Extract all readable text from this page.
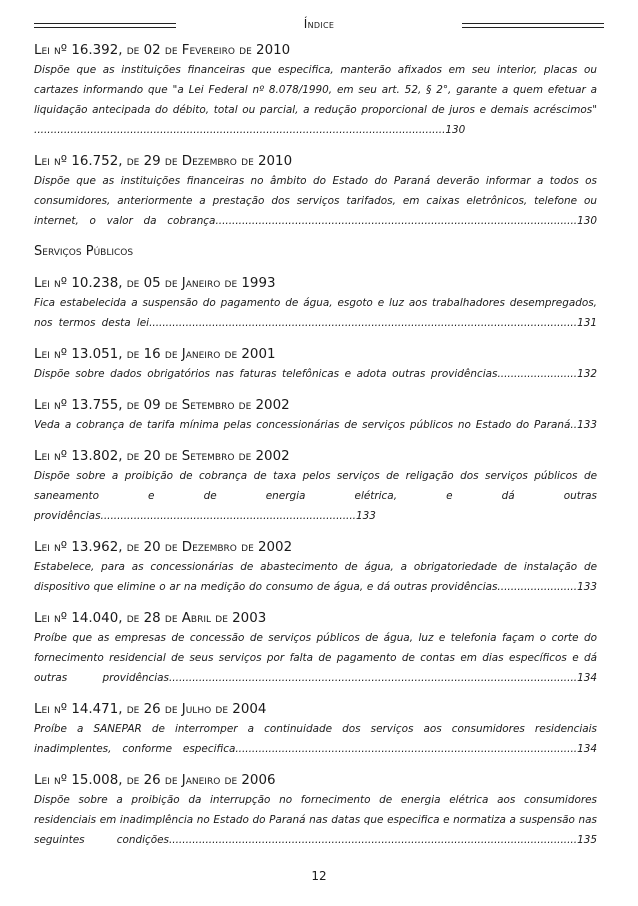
Índice
Lei nº 16.392, de 02 de Fevereiro de 2010
Dispõe que as instituições financeiras que especifica, manterão afixados em seu interior, placas ou cartazes informando que "a Lei Federal nº 8.078/1990, em seu art. 52, § 2°, garante a quem efetuar a liquidação antecipada do débito, total ou parcial, a redução proporcional de juros e demais acréscimos" ............................................................................................................................130
Lei nº 16.752, de 29 de Dezembro de 2010
Dispõe que as instituições financeiras no âmbito do Estado do Paraná deverão informar a todos os consumidores, anteriormente a prestação dos serviços tarifados, em caixas eletrônicos, telefone ou internet, o valor da cobrança.............................................................................................................130
Serviços Públicos
Lei nº 10.238, de 05 de Janeiro de 1993
Fica estabelecida a suspensão do pagamento de água, esgoto e luz aos trabalhadores desempregados, nos termos desta lei.................................................................................................................................131
Lei nº 13.051, de 16 de Janeiro de 2001
Dispõe sobre dados obrigatórios nas faturas telefônicas e adota outras providências........................132
Lei nº 13.755, de 09 de Setembro de 2002
Veda a cobrança de tarifa mínima pelas concessionárias de serviços públicos no Estado do Paraná..133
Lei nº 13.802, de 20 de Setembro de 2002
Dispõe sobre a proibição de cobrança de taxa pelos serviços de religação dos serviços públicos de saneamento e de energia elétrica, e dá outras providências.............................................................................133
Lei nº 13.962, de 20 de Dezembro de 2002
Estabelece, para as concessionárias de abastecimento de água, a obrigatoriedade de instalação de dispositivo que elimine o ar na medição do consumo de água, e dá outras providências........................133
Lei nº 14.040, de 28 de Abril de 2003
Proíbe que as empresas de concessão de serviços públicos de água, luz e telefonia façam o corte do fornecimento residencial de seus serviços por falta de pagamento de contas em dias específicos e dá outras providências...........................................................................................................................134
Lei nº 14.471, de 26 de Julho de 2004
Proíbe a SANEPAR de interromper a continuidade dos serviços aos consumidores residenciais inadimplentes, conforme especifica.......................................................................................................134
Lei nº 15.008, de 26 de Janeiro de 2006
Dispõe sobre a proibição da interrupção no fornecimento de energia elétrica aos consumidores residenciais em inadimplência no Estado do Paraná nas datas que especifica e normatiza a suspensão nas seguintes condições...........................................................................................................................135
12
